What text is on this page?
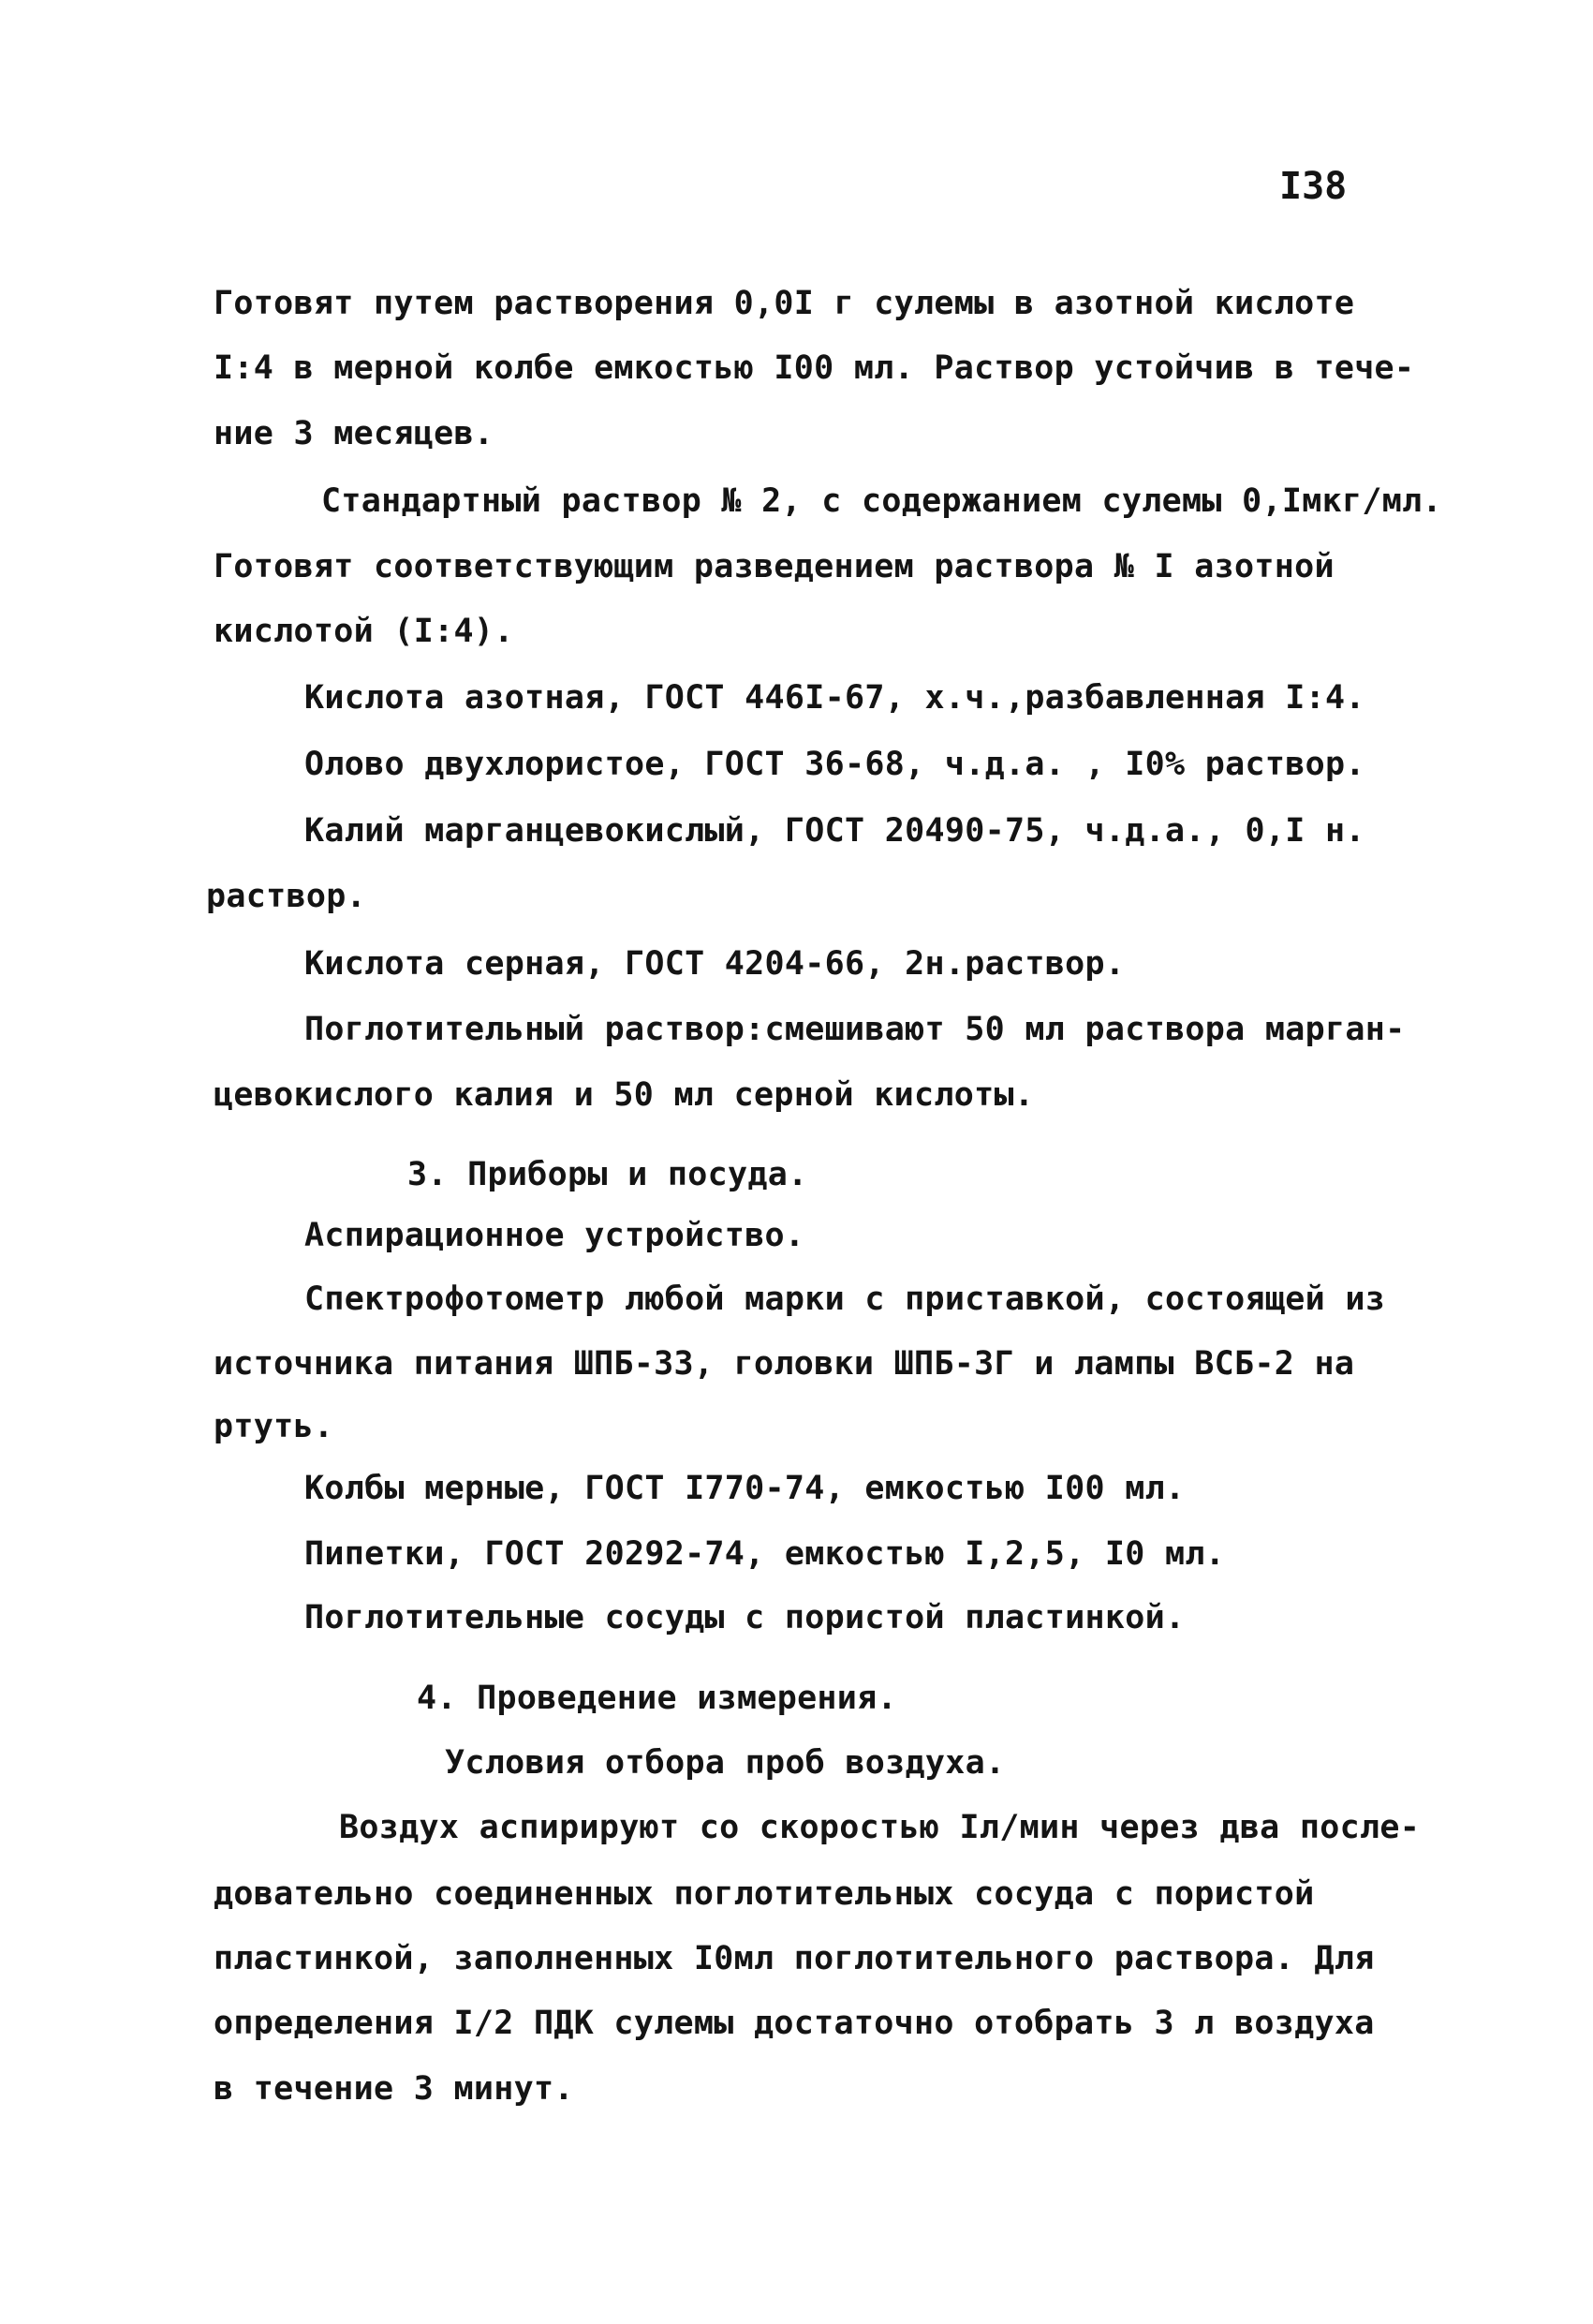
I38
Готовят путем растворения 0,0I г сулемы в азотной кислоте
I:4 в мерной колбе емкостью I00 мл. Раствор устойчив в тече-
ние 3 месяцев.
Стандартный раствор № 2, с содержанием сулемы 0,Iмкг/мл.
Готовят соответствующим разведением раствора № I азотной
кислотой (I:4).
Кислота азотная, ГОСТ 446I-67, х.ч.,разбавленная I:4.
Олово двухлористое, ГОСТ 36-68, ч.д.а. , I0% раствор.
Калий марганцевокислый, ГОСТ 20490-75, ч.д.а., 0,I н.
раствор.
Кислота серная, ГОСТ 4204-66, 2н.раствор.
Поглотительный раствор:смешивают 50 мл раствора марган-
цевокислого калия и 50 мл серной кислоты.
3. Приборы и посуда.
Аспирационное устройство.
Спектрофотометр любой марки с приставкой, состоящей из
источника питания ШПБ-33, головки ШПБ-3Г и лампы ВСБ-2 на
ртуть.
Колбы мерные, ГОСТ I770-74, емкостью I00 мл.
Пипетки, ГОСТ 20292-74, емкостью I,2,5, I0 мл.
Поглотительные сосуды с пористой пластинкой.
4. Проведение измерения.
Условия отбора проб воздуха.
Воздух аспирируют со скоростью Iл/мин через два после-
довательно соединенных поглотительных сосуда с пористой
пластинкой, заполненных I0мл поглотительного раствора. Для
определения I/2 ПДК сулемы достаточно отобрать 3 л воздуха
в течение 3 минут.
